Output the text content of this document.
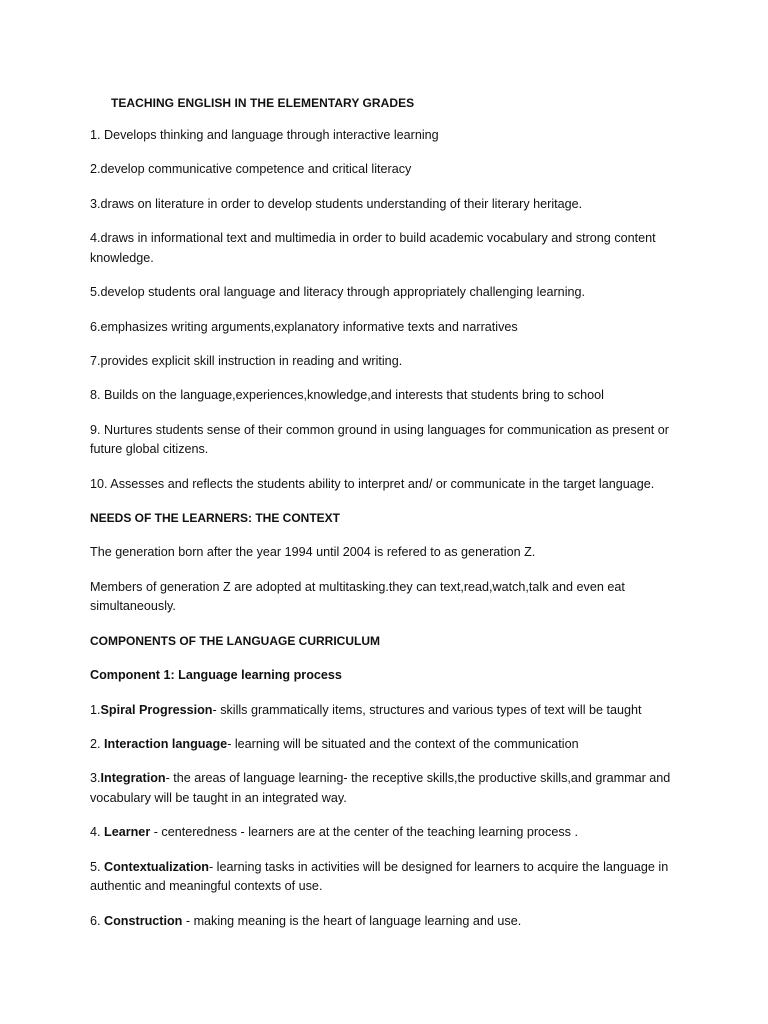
TEACHING ENGLISH IN THE ELEMENTARY GRADES
1. Develops thinking and language through interactive learning
2.develop communicative competence and critical literacy
3.draws on literature in order to develop students understanding of their literary heritage.
4.draws in informational text and multimedia in order to build academic vocabulary and strong content knowledge.
5.develop students oral language and literacy through appropriately challenging learning.
6.emphasizes writing arguments,explanatory informative texts and narratives
7.provides explicit skill instruction in reading and writing.
8. Builds on the language,experiences,knowledge,and interests that students bring to school
9. Nurtures students sense of their common ground in using languages for communication as present or future global citizens.
10. Assesses and reflects the students ability to interpret and/ or communicate in the target language.
NEEDS OF THE LEARNERS: THE CONTEXT
The generation born after the year 1994 until 2004 is refered to as generation Z.
Members of generation Z are adopted at multitasking.they can text,read,watch,talk and even eat simultaneously.
COMPONENTS OF THE LANGUAGE CURRICULUM
Component 1: Language learning process
1.Spiral Progression- skills grammatically items, structures and various types of text will be taught
2. Interaction language- learning will be situated and the context of the communication
3.Integration- the areas of language learning- the receptive skills,the productive skills,and grammar and vocabulary will be taught in an integrated way.
4. Learner - centeredness - learners are at the center of the teaching learning process .
5. Contextualization- learning tasks in activities will be designed for learners to acquire the language in authentic and meaningful contexts of use.
6. Construction - making meaning is the heart of language learning and use.
